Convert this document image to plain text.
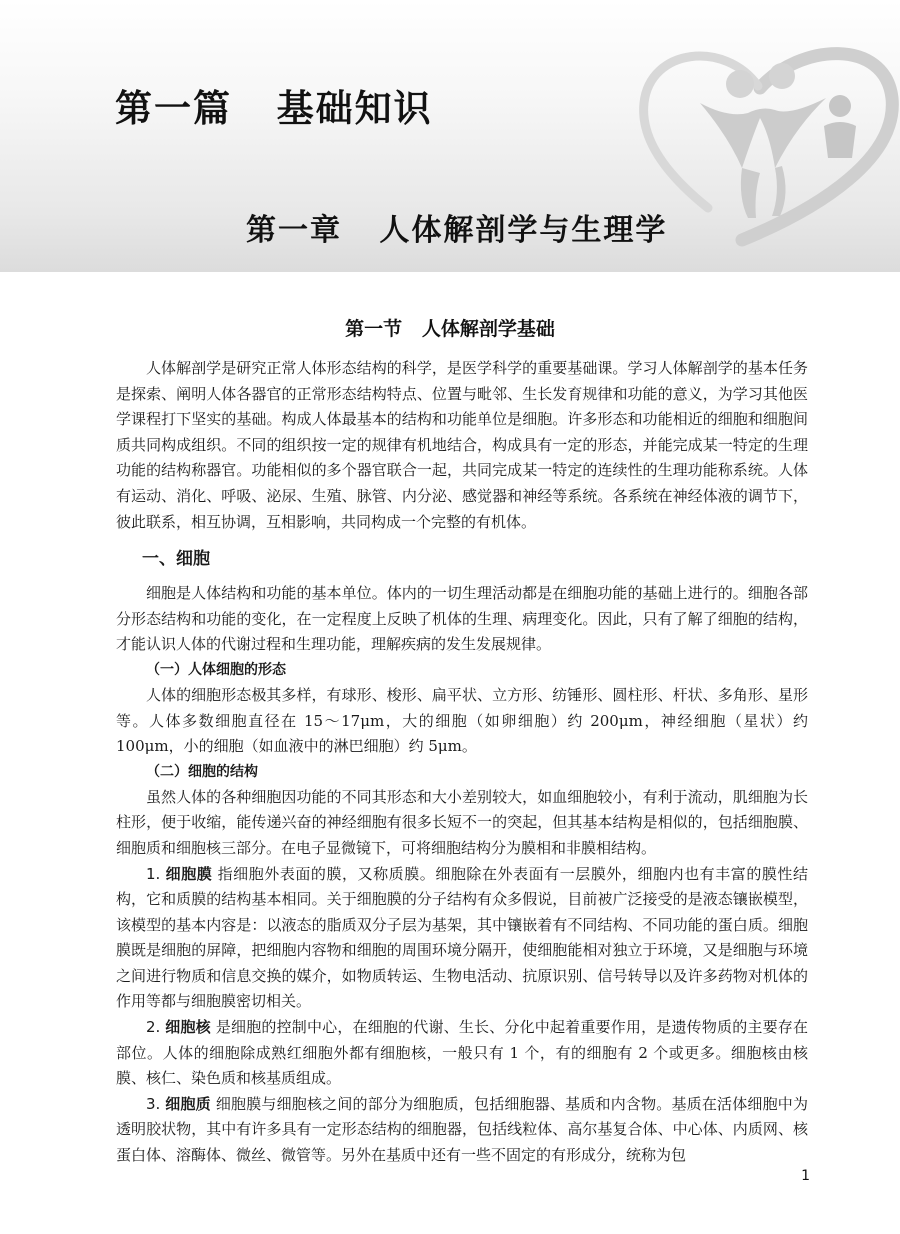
第一篇   基础知识
第一章   人体解剖学与生理学
第一节   人体解剖学基础

人体解剖学是研究正常人体形态结构的科学，是医学科学的重要基础课。学习人体解剖学的基本任务是探索、阐明人体各器官的正常形态结构特点、位置与毗邻、生长发育规律和功能的意义，为学习其他医学课程打下坚实的基础。构成人体最基本的结构和功能单位是细胞。许多形态和功能相近的细胞和细胞间质共同构成组织。不同的组织按一定的规律有机地结合，构成具有一定的形态，并能完成某一特定的生理功能的结构称器官。功能相似的多个器官联合一起，共同完成某一特定的连续性的生理功能称系统。人体有运动、消化、呼吸、泌尿、生殖、脉管、内分泌、感觉器和神经等系统。各系统在神经体液的调节下，彼此联系，相互协调，互相影响，共同构成一个完整的有机体。

一、细胞

细胞是人体结构和功能的基本单位。体内的一切生理活动都是在细胞功能的基础上进行的。细胞各部分形态结构和功能的变化，在一定程度上反映了机体的生理、病理变化。因此，只有了解了细胞的结构，才能认识人体的代谢过程和生理功能，理解疾病的发生发展规律。

（一）人体细胞的形态

人体的细胞形态极其多样，有球形、梭形、扁平状、立方形、纺锤形、圆柱形、杆状、多角形、星形等。人体多数细胞直径在 15～17μm，大的细胞（如卵细胞）约 200μm，神经细胞（星状）约 100μm，小的细胞（如血液中的淋巴细胞）约 5μm。

（二）细胞的结构

虽然人体的各种细胞因功能的不同其形态和大小差别较大，如血细胞较小，有利于流动，肌细胞为长柱形，便于收缩，能传递兴奋的神经细胞有很多长短不一的突起，但其基本结构是相似的，包括细胞膜、细胞质和细胞核三部分。在电子显微镜下，可将细胞结构分为膜相和非膜相结构。

1. 细胞膜 指细胞外表面的膜，又称质膜。细胞除在外表面有一层膜外，细胞内也有丰富的膜性结构，它和质膜的结构基本相同。关于细胞膜的分子结构有众多假说，目前被广泛接受的是液态镶嵌模型，该模型的基本内容是：以液态的脂质双分子层为基架，其中镶嵌着有不同结构、不同功能的蛋白质。细胞膜既是细胞的屏障，把细胞内容物和细胞的周围环境分隔开，使细胞能相对独立于环境，又是细胞与环境之间进行物质和信息交换的媒介，如物质转运、生物电活动、抗原识别、信号转导以及许多药物对机体的作用等都与细胞膜密切相关。

2. 细胞核 是细胞的控制中心，在细胞的代谢、生长、分化中起着重要作用，是遗传物质的主要存在部位。人体的细胞除成熟红细胞外都有细胞核，一般只有 1 个，有的细胞有 2 个或更多。细胞核由核膜、核仁、染色质和核基质组成。

3. 细胞质 细胞膜与细胞核之间的部分为细胞质，包括细胞器、基质和内含物。基质在活体细胞中为透明胶状物，其中有许多具有一定形态结构的细胞器，包括线粒体、高尔基复合体、中心体、内质网、核蛋白体、溶酶体、微丝、微管等。另外在基质中还有一些不固定的有形成分，统称为包

1
